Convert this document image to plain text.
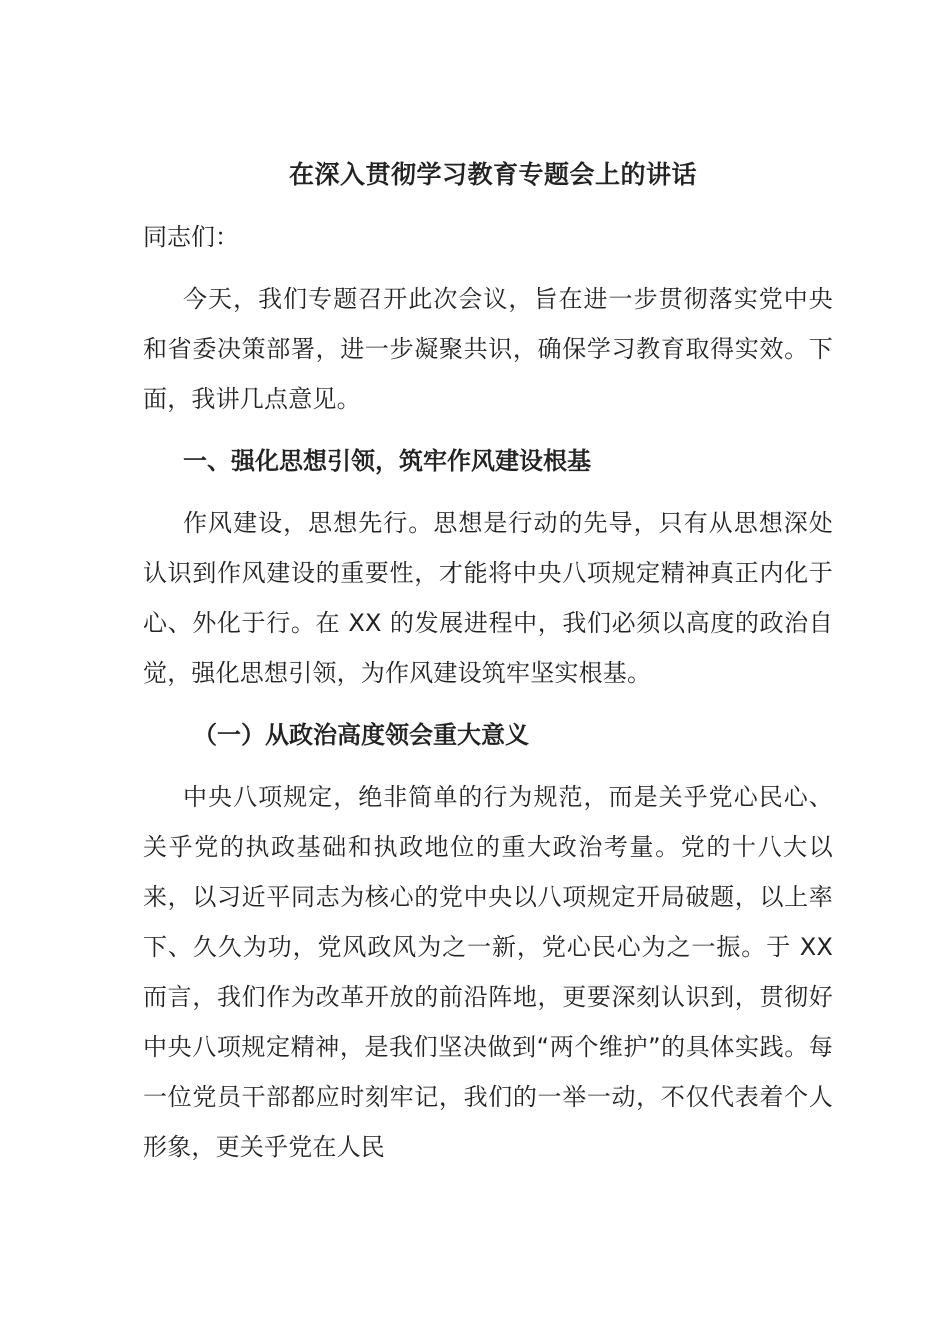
在深入贯彻学习教育专题会上的讲话
同志们：

今天，我们专题召开此次会议，旨在进一步贯彻落实党中央和省委决策部署，进一步凝聚共识，确保学习教育取得实效。下面，我讲几点意见。

一、强化思想引领，筑牢作风建设根基

作风建设，思想先行。思想是行动的先导，只有从思想深处认识到作风建设的重要性，才能将中央八项规定精神真正内化于心、外化于行。在 XX 的发展进程中，我们必须以高度的政治自觉，强化思想引领，为作风建设筑牢坚实根基。

（一）从政治高度领会重大意义

中央八项规定，绝非简单的行为规范，而是关乎党心民心、关乎党的执政基础和执政地位的重大政治考量。党的十八大以来，以习近平同志为核心的党中央以八项规定开局破题，以上率下、久久为功，党风政风为之一新，党心民心为之一振。于 XX 而言，我们作为改革开放的前沿阵地，更要深刻认识到，贯彻好中央八项规定精神，是我们坚决做到“两个维护”的具体实践。每一位党员干部都应时刻牢记，我们的一举一动，不仅代表着个人形象，更关乎党在人民
